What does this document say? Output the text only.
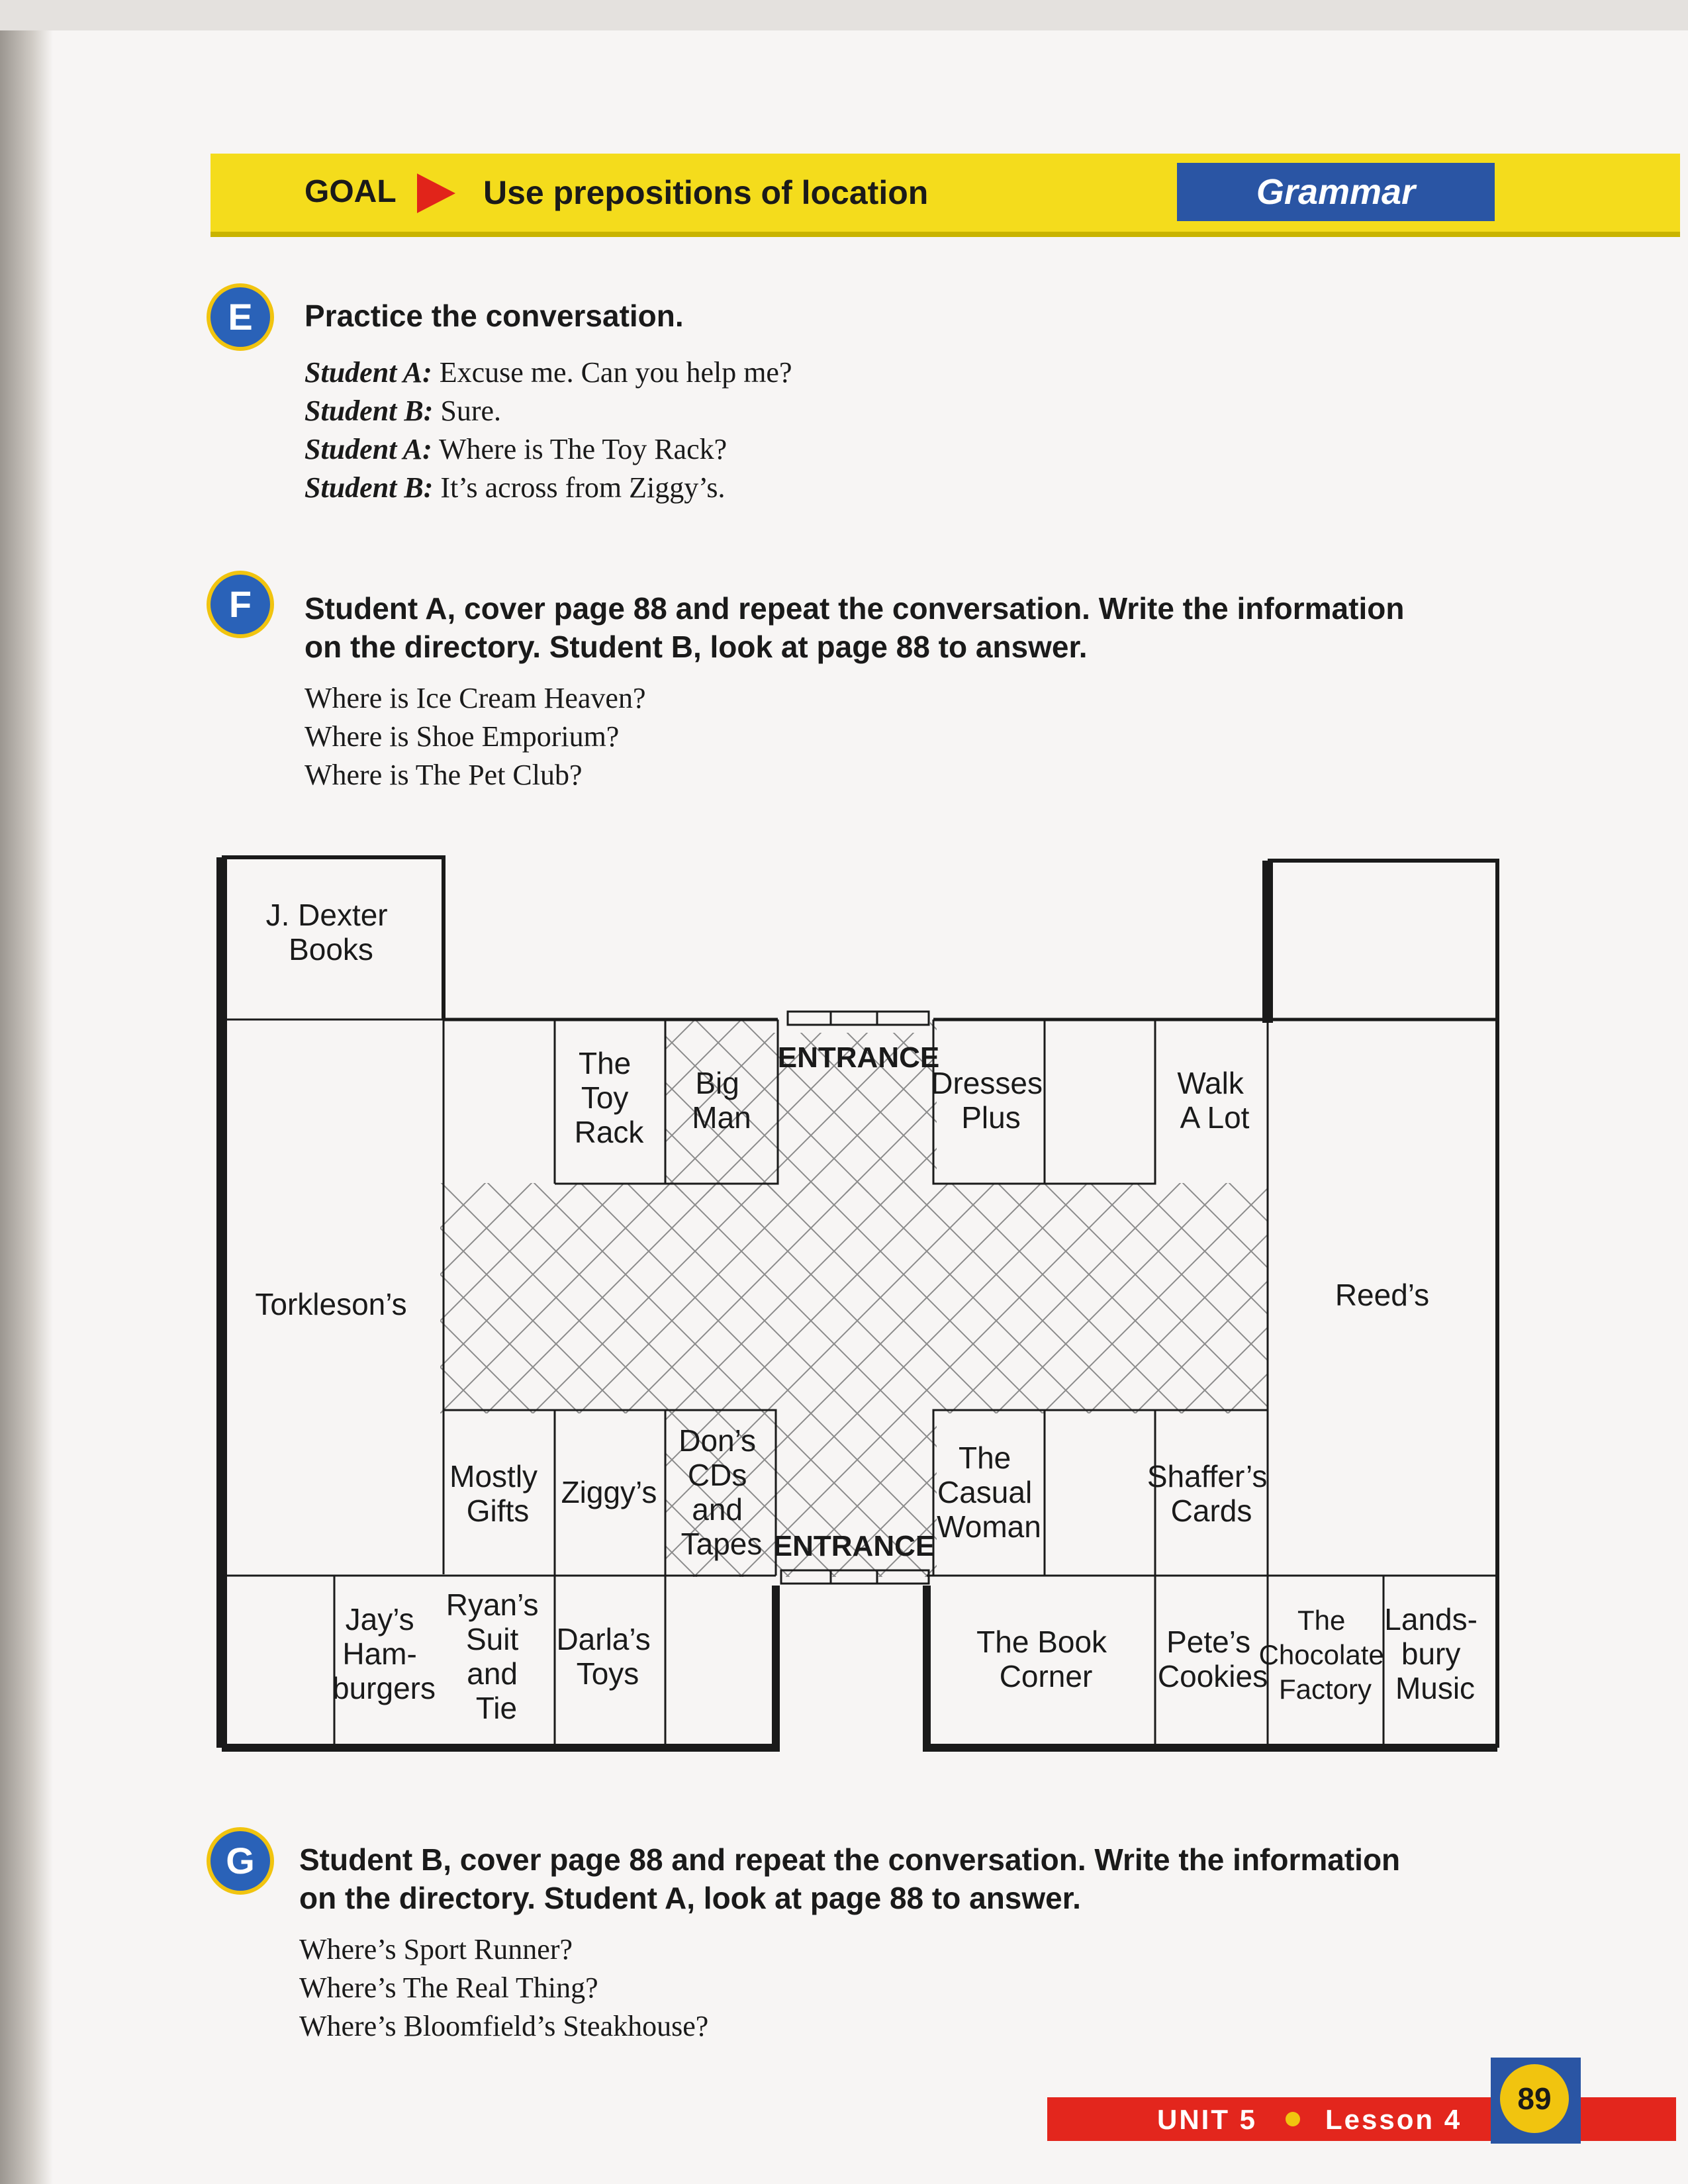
GOAL	Use prepositions of location	Grammar
E	Practice the conversation.
Student A: Excuse me. Can you help me?
Student B: Sure.
Student A: Where is The Toy Rack?
Student B: It’s across from Ziggy’s.
F	Student A, cover page 88 and repeat the conversation. Write the information
on the directory. Student B, look at page 88 to answer.
Where is Ice Cream Heaven?
Where is Shoe Emporium?
Where is The Pet Club?
J. Dexter Books
The Toy Rack
Big Man
ENTRANCE
Dresses Plus
Walk A Lot
Torkleson’s	Reed’s
Mostly Gifts
Ziggy’s
Don’s CDs and Tapes ENTRANCE
The Casual Woman
Shaffer’s Cards
Jay’s Ham- burgers
Ryan’s Suit and Tie
Darla’s Toys
The Book Corner
Pete’s Cookies
The Chocolate Factory
Lands- bury Music
G	Student B, cover page 88 and repeat the conversation. Write the information
on the directory. Student A, look at page 88 to answer.
Where’s Sport Runner?
Where’s The Real Thing?
Where’s Bloomfield’s Steakhouse?
UNIT 5 Lesson 4
89
